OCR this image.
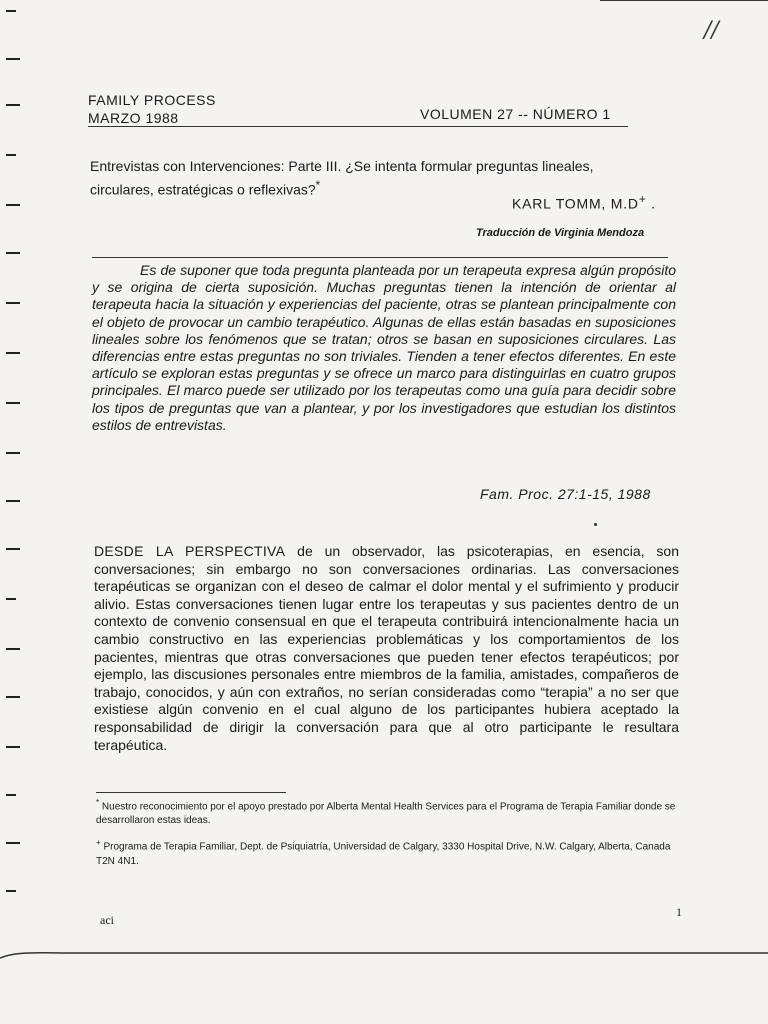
//
FAMILY PROCESS
MARZO 1988	VOLUMEN 27 -- NÚMERO 1
Entrevistas con Intervenciones: Parte III. ¿Se intenta formular preguntas lineales, circulares, estratégicas o reflexivas?*
KARL TOMM, M.D+ .
Traducción de Virginia Mendoza
Es de suponer que toda pregunta planteada por un terapeuta expresa algún propósito y se origina de cierta suposición. Muchas preguntas tienen la intención de orientar al terapeuta hacia la situación y experiencias del paciente, otras se plantean principalmente con el objeto de provocar un cambio terapéutico. Algunas de ellas están basadas en suposiciones lineales sobre los fenómenos que se tratan; otros se basan en suposiciones circulares. Las diferencias entre estas preguntas no son triviales. Tienden a tener efectos diferentes. En este artículo se exploran estas preguntas y se ofrece un marco para distinguirlas en cuatro grupos principales. El marco puede ser utilizado por los terapeutas como una guía para decidir sobre los tipos de preguntas que van a plantear, y por los investigadores que estudian los distintos estilos de entrevistas.
Fam. Proc. 27:1-15, 1988
DESDE LA PERSPECTIVA de un observador, las psicoterapias, en esencia, son conversaciones; sin embargo no son conversaciones ordinarias. Las conversaciones terapéuticas se organizan con el deseo de calmar el dolor mental y el sufrimiento y producir alivio. Estas conversaciones tienen lugar entre los terapeutas y sus pacientes dentro de un contexto de convenio consensual en que el terapeuta contribuirá intencionalmente hacia un cambio constructivo en las experiencias problemáticas y los comportamientos de los pacientes, mientras que otras conversaciones que pueden tener efectos terapéuticos; por ejemplo, las discusiones personales entre miembros de la familia, amistades, compañeros de trabajo, conocidos, y aún con extraños, no serían consideradas como “terapia” a no ser que existiese algún convenio en el cual alguno de los participantes hubiera aceptado la responsabilidad de dirigir la conversación para que al otro participante le resultara terapéutica.
* Nuestro reconocimiento por el apoyo prestado por Alberta Mental Health Services para el Programa de Terapia Familiar donde se desarrollaron estas ideas.
+ Programa de Terapia Familiar, Dept. de Psiquiatría, Universidad de Calgary, 3330 Hospital Drive, N.W. Calgary, Alberta, Canada T2N 4N1.
aci
1
